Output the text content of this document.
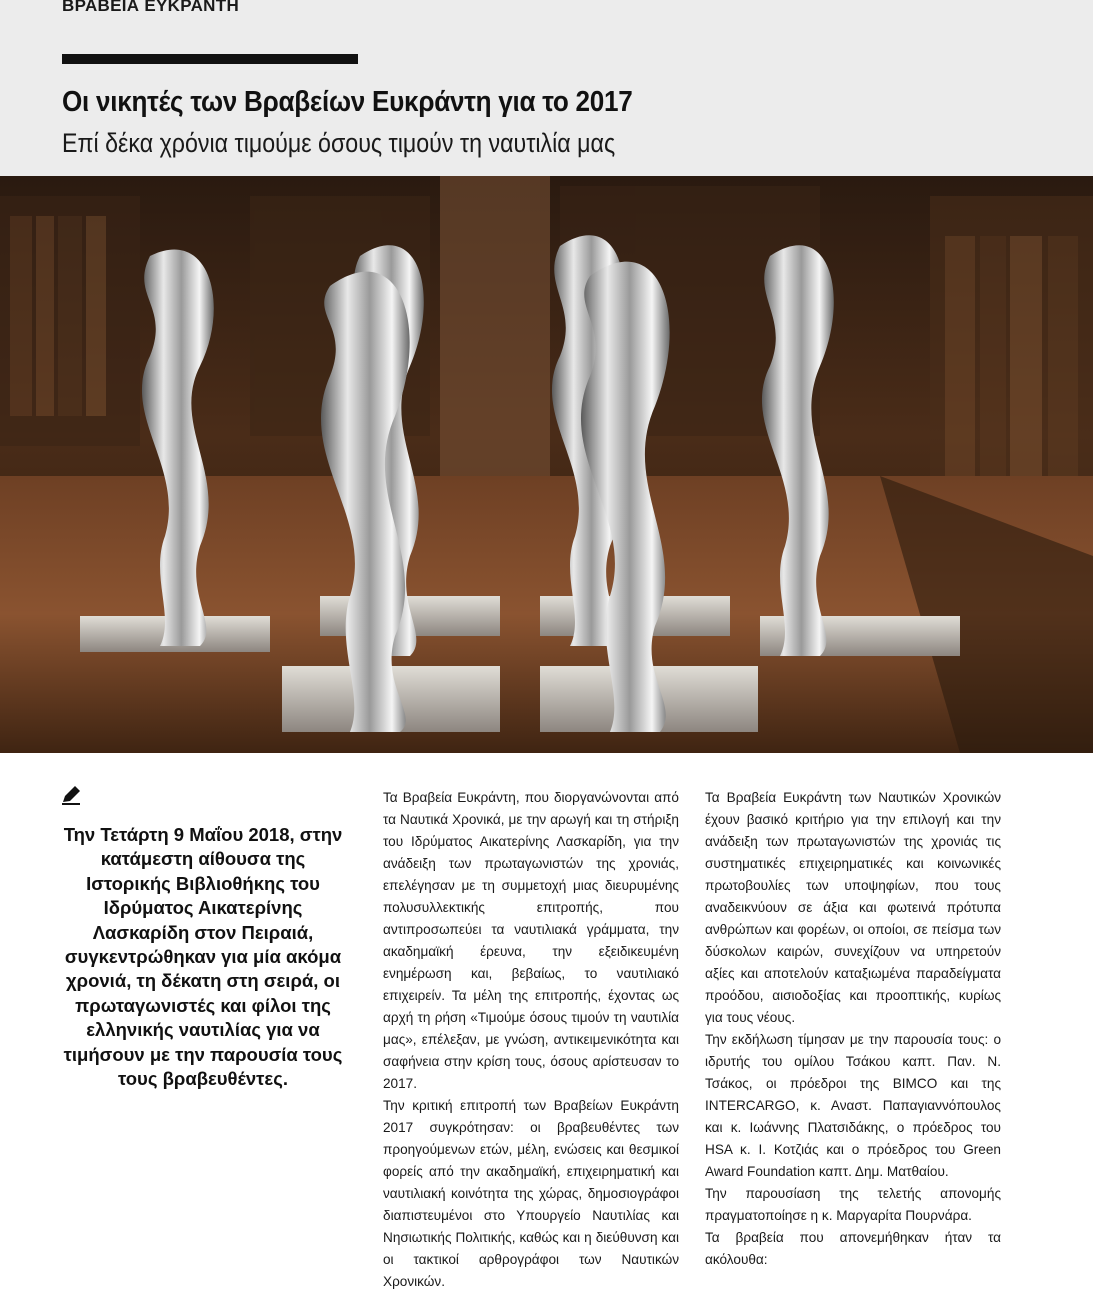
ΒΡΑΒΕΙΑ ΕΥΚΡΑΝΤΗ
Οι νικητές των Βραβείων Ευκράντη για το 2017
Επί δέκα χρόνια τιμούμε όσους τιμούν τη ναυτιλία μας

Την Τετάρτη 9 Μαΐου 2018, στην κατάμεστη αίθουσα της Ιστορικής Βιβλιοθήκης του Ιδρύματος Αικατερίνης Λασκαρίδη στον Πειραιά, συγκεντρώθηκαν για μία ακόμα χρονιά, τη δέκατη στη σειρά, οι πρωταγωνιστές και φίλοι της ελληνικής ναυτιλίας για να τιμήσουν με την παρουσία τους τους βραβευθέντες.

Τα Βραβεία Ευκράντη, που διοργανώνονται από τα Ναυτικά Χρονικά, με την αρωγή και τη στήριξη του Ιδρύματος Αικατερίνης Λασκαρίδη, για την ανάδειξη των πρωταγωνιστών της χρονιάς, επελέγησαν με τη συμμετοχή μιας διευρυμένης πολυσυλλεκτικής επιτροπής, που αντιπροσωπεύει τα ναυτιλιακά γράμματα, την ακαδημαϊκή έρευνα, την εξειδικευμένη ενημέρωση και, βεβαίως, το ναυτιλιακό επιχειρείν. Τα μέλη της επιτροπής, έχοντας ως αρχή τη ρήση «Τιμούμε όσους τιμούν τη ναυτιλία μας», επέλεξαν, με γνώση, αντικειμενικότητα και σαφήνεια στην κρίση τους, όσους αρίστευσαν το 2017.

Την κριτική επιτροπή των Βραβείων Ευκράντη 2017 συγκρότησαν: οι βραβευθέντες των προηγούμενων ετών, μέλη, ενώσεις και θεσμικοί φορείς από την ακαδημαϊκή, επιχειρηματική και ναυτιλιακή κοινότητα της χώρας, δημοσιογράφοι διαπιστευμένοι στο Υπουργείο Ναυτιλίας και Νησιωτικής Πολιτικής, καθώς και η διεύθυνση και οι τακτικοί αρθρογράφοι των Ναυτικών Χρονικών.

Τα Βραβεία Ευκράντη των Ναυτικών Χρονικών έχουν βασικό κριτήριο για την επιλογή και την ανάδειξη των πρωταγωνιστών της χρονιάς τις συστηματικές επιχειρηματικές και κοινωνικές πρωτοβουλίες των υποψηφίων, που τους αναδεικνύουν σε άξια και φωτεινά πρότυπα ανθρώπων και φορέων, οι οποίοι, σε πείσμα των δύσκολων καιρών, συνεχίζουν να υπηρετούν αξίες και αποτελούν καταξιωμένα παραδείγματα προόδου, αισιοδοξίας και προοπτικής, κυρίως για τους νέους.

Την εκδήλωση τίμησαν με την παρουσία τους: ο ιδρυτής του ομίλου Τσάκου καπτ. Παν. Ν. Τσάκος, οι πρόεδροι της BIMCO και της INTERCARGO, κ. Αναστ. Παπαγιαννόπουλος και κ. Ιωάννης Πλατσιδάκης, ο πρόεδρος του HSA κ. Ι. Κοτζιάς και ο πρόεδρος του Green Award Foundation καπτ. Δημ. Ματθαίου.

Την παρουσίαση της τελετής απονομής πραγματοποίησε η κ. Μαργαρίτα Πουρνάρα.

Τα βραβεία που απονεμήθηκαν ήταν τα ακόλουθα:
